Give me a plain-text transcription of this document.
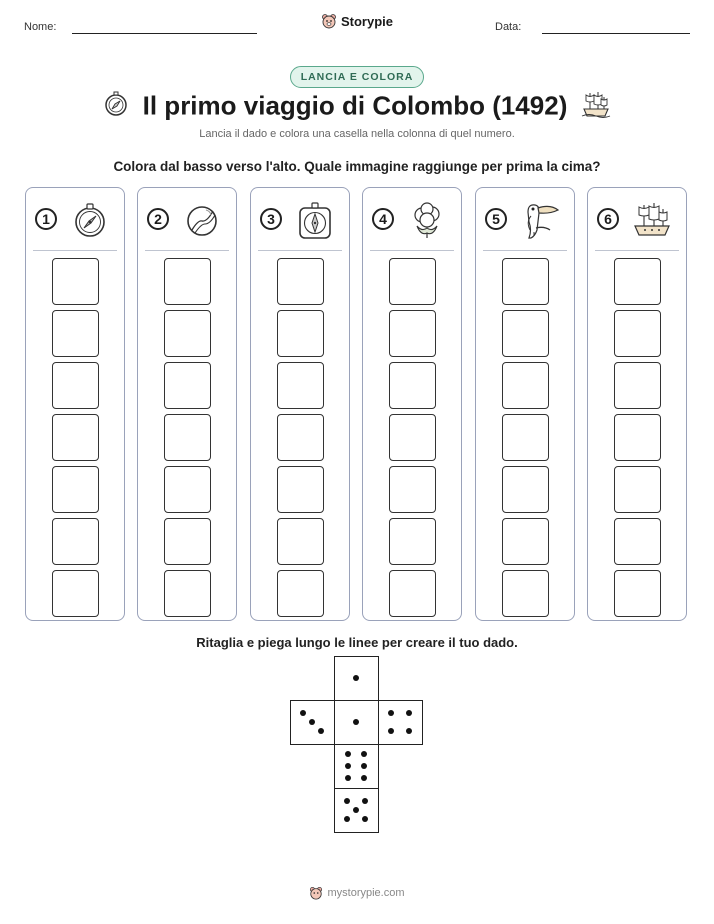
Nome:	Storypie	Data:
LANCIA E COLORA
Il primo viaggio di Colombo (1492)
Lancia il dado e colora una casella nella colonna di quel numero.
Colora dal basso verso l'alto. Quale immagine raggiunge per prima la cima?
1	2	3	4	5	6
Ritaglia e piega lungo le linee per creare il tuo dado.
mystorypie.com
